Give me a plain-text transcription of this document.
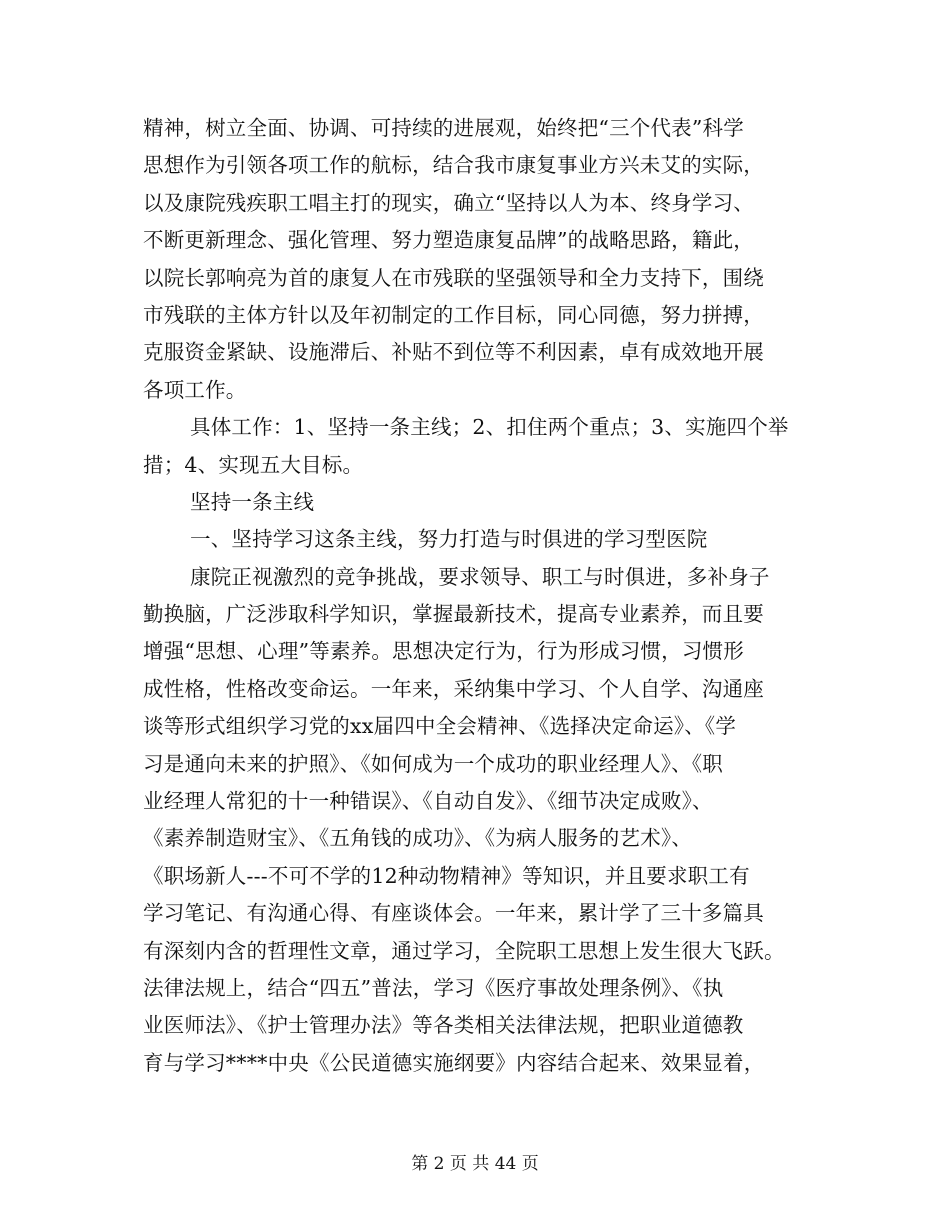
精神，树立全面、协调、可持续的进展观，始终把“三个代表”科学
思想作为引领各项工作的航标，结合我市康复事业方兴未艾的实际，
以及康院残疾职工唱主打的现实，确立“坚持以人为本、终身学习、
不断更新理念、强化管理、努力塑造康复品牌”的战略思路，籍此，
以院长郭响亮为首的康复人在市残联的坚强领导和全力支持下，围绕
市残联的主体方针以及年初制定的工作目标，同心同德，努力拼搏，
克服资金紧缺、设施滞后、补贴不到位等不利因素，卓有成效地开展
各项工作。
具体工作：1、坚持一条主线；2、扣住两个重点；3、实施四个举
措；4、实现五大目标。
坚持一条主线
一、坚持学习这条主线，努力打造与时俱进的学习型医院
康院正视激烈的竞争挑战，要求领导、职工与时俱进，多补身子
勤换脑，广泛涉取科学知识，掌握最新技术，提高专业素养，而且要
增强“思想、心理”等素养。思想决定行为，行为形成习惯，习惯形
成性格，性格改变命运。一年来，采纳集中学习、个人自学、沟通座
谈等形式组织学习党的xx届四中全会精神、《选择决定命运》、《学
习是通向未来的护照》、《如何成为一个成功的职业经理人》、《职
业经理人常犯的十一种错误》、《自动自发》、《细节决定成败》、
《素养制造财宝》、《五角钱的成功》、《为病人服务的艺术》、
《职场新人---不可不学的12种动物精神》等知识，并且要求职工有
学习笔记、有沟通心得、有座谈体会。一年来，累计学了三十多篇具
有深刻内含的哲理性文章，通过学习，全院职工思想上发生很大飞跃。
法律法规上，结合“四五”普法，学习《医疗事故处理条例》、《执
业医师法》、《护士管理办法》等各类相关法律法规，把职业道德教
育与学习****中央《公民道德实施纲要》内容结合起来、效果显着，
第 2 页 共 44 页
